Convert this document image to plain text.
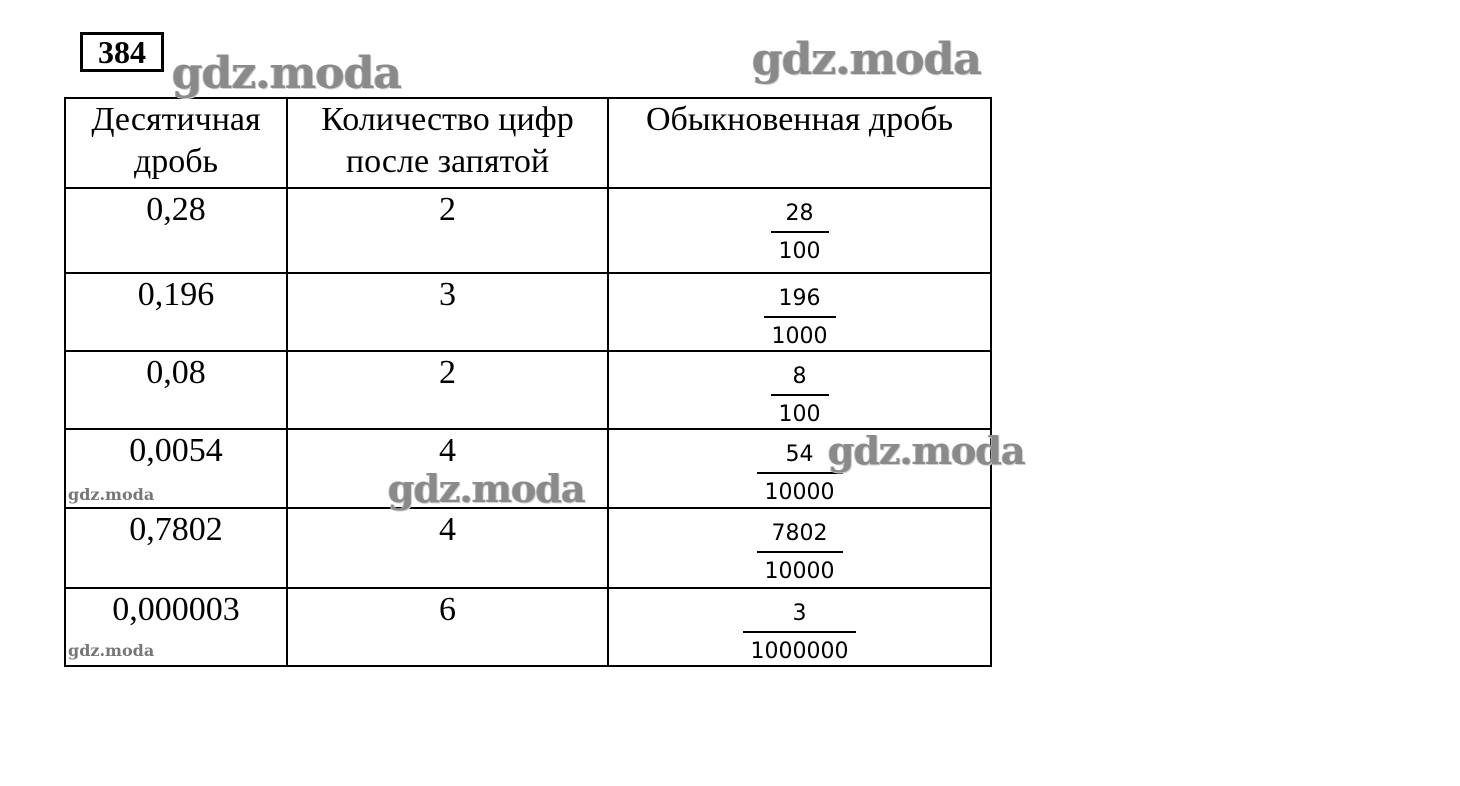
384
Десятичная дробь	Количество цифр после запятой	Обыкновенная дробь
0,28	2	$\frac{28}{100}$

0,196	3	$\frac{196}{1000}$

0,08	2	$\frac{8}{100}$

0,0054	4	$\frac{54}{10000}$

0,7802	4	$\frac{7802}{10000}$

0,000003	6	$\frac{3}{1000000}$
gdz.moda	gdz.moda
gdz.moda
gdz.moda
gdz.moda
gdz.moda
